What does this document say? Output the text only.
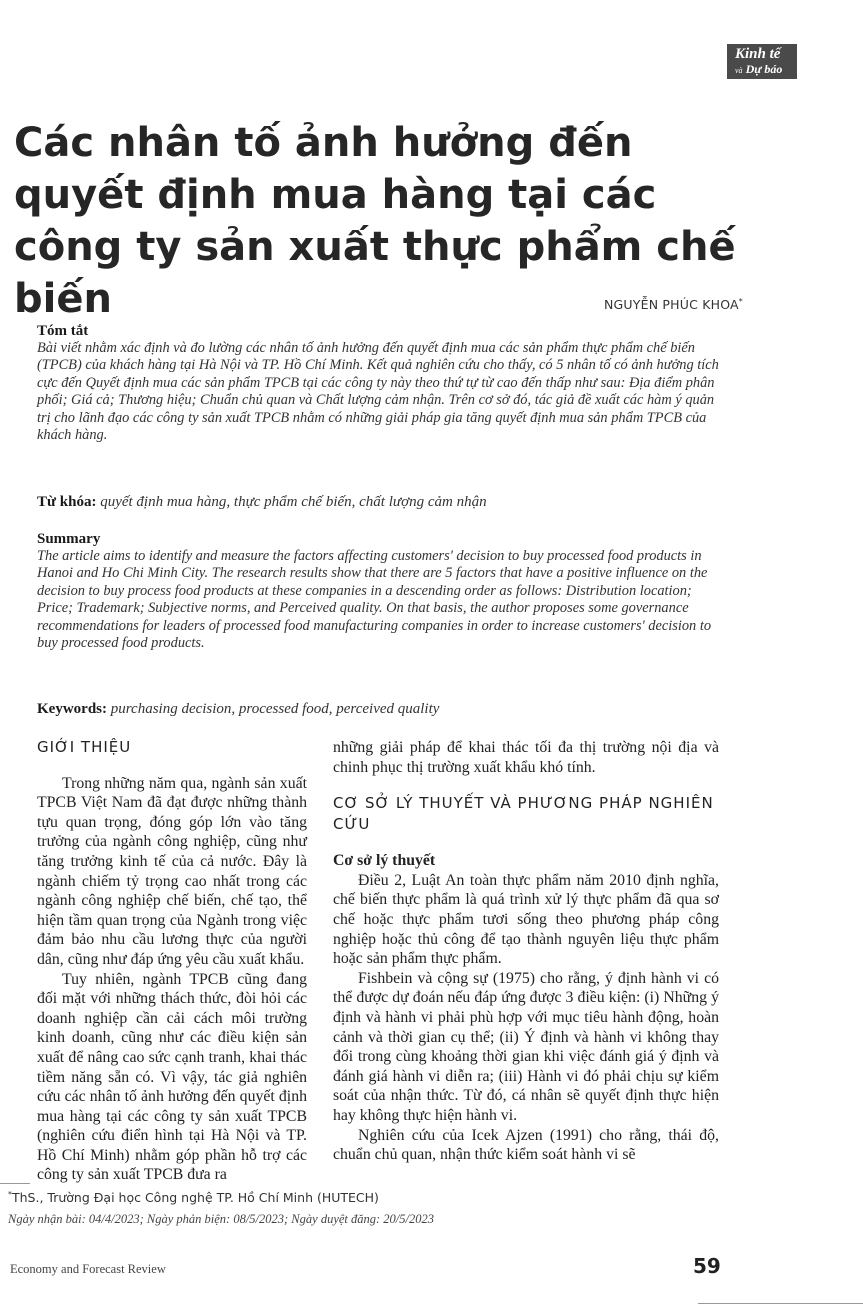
Kinh tế
và Dự báo
Các nhân tố ảnh hưởng đến quyết định mua hàng tại các công ty sản xuất thực phẩm chế biến	NGUYỄN PHÚC KHOA*
Tóm tắt
Bài viết nhằm xác định và đo lường các nhân tố ảnh hưởng đến quyết định mua các sản phẩm thực phẩm chế biến (TPCB) của khách hàng tại Hà Nội và TP. Hồ Chí Minh. Kết quả nghiên cứu cho thấy, có 5 nhân tố có ảnh hưởng tích cực đến Quyết định mua các sản phẩm TPCB tại các công ty này theo thứ tự từ cao đến thấp như sau: Địa điểm phân phối; Giá cả; Thương hiệu; Chuẩn chủ quan và Chất lượng cảm nhận. Trên cơ sở đó, tác giả đề xuất các hàm ý quản trị cho lãnh đạo các công ty sản xuất TPCB nhằm có những giải pháp gia tăng quyết định mua sản phẩm TPCB của khách hàng.
Từ khóa: quyết định mua hàng, thực phẩm chế biến, chất lượng cảm nhận
Summary
The article aims to identify and measure the factors affecting customers' decision to buy processed food products in Hanoi and Ho Chi Minh City. The research results show that there are 5 factors that have a positive influence on the decision to buy process food products at these companies in a descending order as follows: Distribution location; Price; Trademark; Subjective norms, and Perceived quality. On that basis, the author proposes some governance recommendations for leaders of processed food manufacturing companies in order to increase customers' decision to buy processed food products.
Keywords: purchasing decision, processed food, perceived quality
GIỚI THIỆU

Trong những năm qua, ngành sản xuất TPCB Việt Nam đã đạt được những thành tựu quan trọng, đóng góp lớn vào tăng trưởng của ngành công nghiệp, cũng như tăng trưởng kinh tế của cả nước. Đây là ngành chiếm tỷ trọng cao nhất trong các ngành công nghiệp chế biến, chế tạo, thể hiện tầm quan trọng của Ngành trong việc đảm bảo nhu cầu lương thực của người dân, cũng như đáp ứng yêu cầu xuất khẩu.

Tuy nhiên, ngành TPCB cũng đang đối mặt với những thách thức, đòi hỏi các doanh nghiệp cần cải cách môi trường kinh doanh, cũng như các điều kiện sản xuất để nâng cao sức cạnh tranh, khai thác tiềm năng sẵn có. Vì vậy, tác giả nghiên cứu các nhân tố ảnh hưởng đến quyết định mua hàng tại các công ty sản xuất TPCB (nghiên cứu điển hình tại Hà Nội và TP. Hồ Chí Minh) nhằm góp phần hỗ trợ các công ty sản xuất TPCB đưa ra

những giải pháp để khai thác tối đa thị trường nội địa và chinh phục thị trường xuất khẩu khó tính.

CƠ SỞ LÝ THUYẾT VÀ PHƯƠNG PHÁP NGHIÊN CỨU
Cơ sở lý thuyết

Điều 2, Luật An toàn thực phẩm năm 2010 định nghĩa, chế biến thực phẩm là quá trình xử lý thực phẩm đã qua sơ chế hoặc thực phẩm tươi sống theo phương pháp công nghiệp hoặc thủ công để tạo thành nguyên liệu thực phẩm hoặc sản phẩm thực phẩm.

Fishbein và cộng sự (1975) cho rằng, ý định hành vi có thể được dự đoán nếu đáp ứng được 3 điều kiện: (i) Những ý định và hành vi phải phù hợp với mục tiêu hành động, hoàn cảnh và thời gian cụ thể; (ii) Ý định và hành vi không thay đổi trong cùng khoảng thời gian khi việc đánh giá ý định và đánh giá hành vi diễn ra; (iii) Hành vi đó phải chịu sự kiểm soát của nhận thức. Từ đó, cá nhân sẽ quyết định thực hiện hay không thực hiện hành vi.

Nghiên cứu của Icek Ajzen (1991) cho rằng, thái độ, chuẩn chủ quan, nhận thức kiểm soát hành vi sẽ

*ThS., Trường Đại học Công nghệ TP. Hồ Chí Minh (HUTECH)
Ngày nhận bài: 04/4/2023; Ngày phản biện: 08/5/2023; Ngày duyệt đăng: 20/5/2023
Economy and Forecast Review	59
